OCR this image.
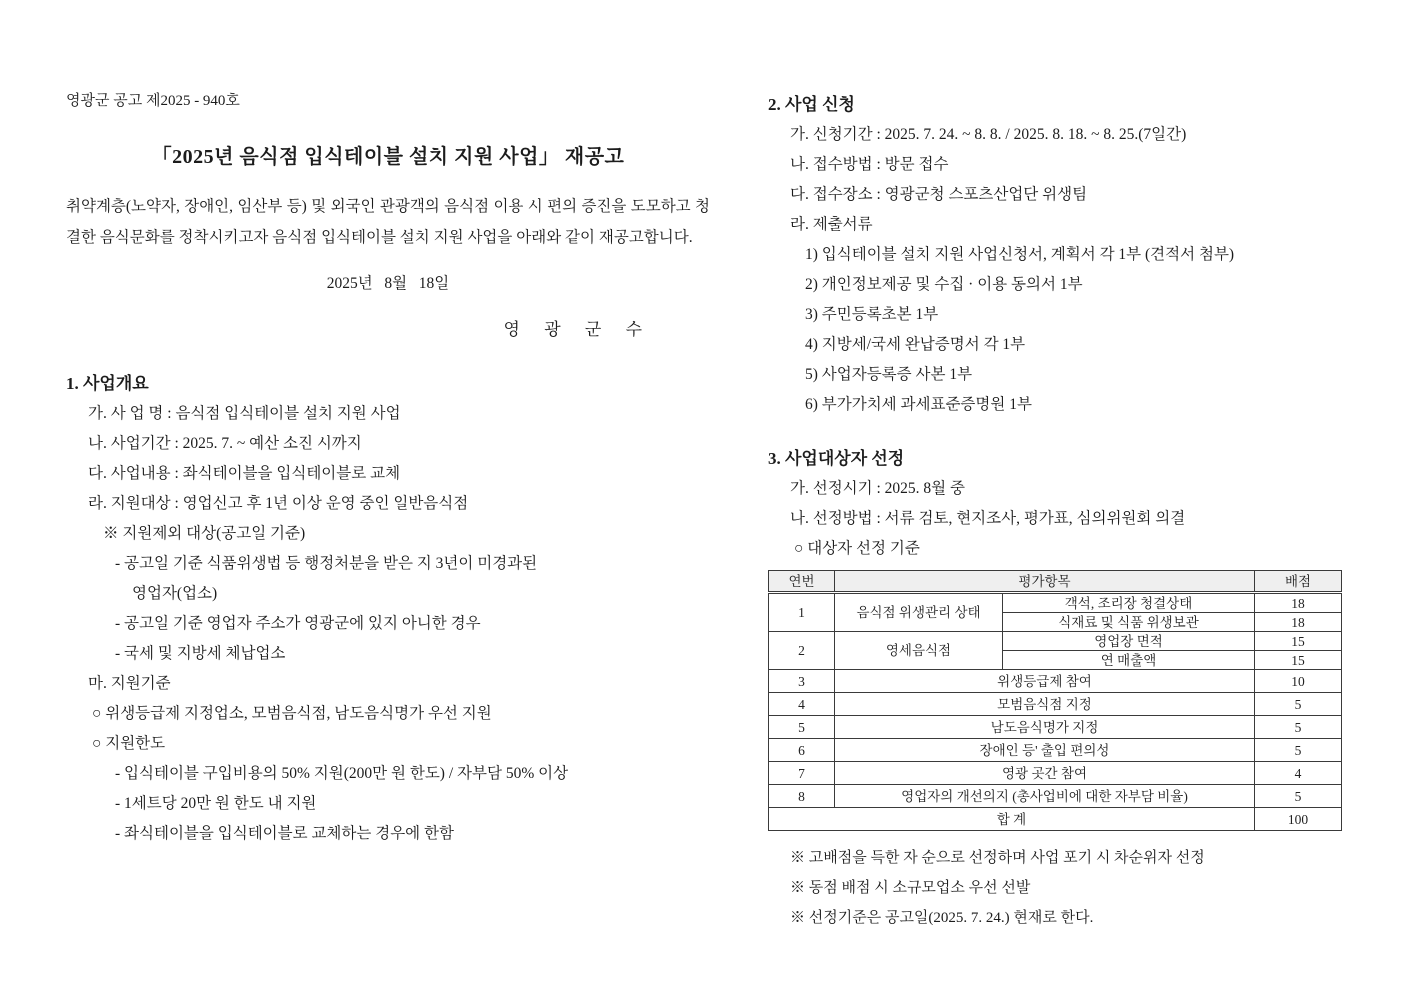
영광군 공고 제2025 - 940호
「2025년 음식점 입식테이블 설치 지원 사업」 재공고

취약계층(노약자, 장애인, 임산부 등) 및 외국인 관광객의 음식점 이용 시 편의 증진을 도모하고 청결한 음식문화를 정착시키고자 음식점 입식테이블 설치 지원 사업을 아래와 같이 재공고합니다.

2025년   8월   18일
영 광 군 수
1. 사업개요
가. 사 업 명 : 음식점 입식테이블 설치 지원 사업
나. 사업기간 : 2025. 7. ~ 예산 소진 시까지
다. 사업내용 : 좌식테이블을 입식테이블로 교체
라. 지원대상 : 영업신고 후 1년 이상 운영 중인 일반음식점
※ 지원제외 대상(공고일 기준)
- 공고일 기준 식품위생법 등 행정처분을 받은 지 3년이 미경과된
영업자(업소)
- 공고일 기준 영업자 주소가 영광군에 있지 아니한 경우
- 국세 및 지방세 체납업소
마. 지원기준
○ 위생등급제 지정업소, 모범음식점, 남도음식명가 우선 지원
○ 지원한도
- 입식테이블 구입비용의 50% 지원(200만 원 한도) / 자부담 50% 이상
- 1세트당 20만 원 한도 내 지원
- 좌식테이블을 입식테이블로 교체하는 경우에 한함
2. 사업 신청
가. 신청기간 : 2025. 7. 24. ~ 8. 8. / 2025. 8. 18. ~ 8. 25.(7일간)
나. 접수방법 : 방문 접수
다. 접수장소 : 영광군청 스포츠산업단 위생팀
라. 제출서류
1) 입식테이블 설치 지원 사업신청서, 계획서 각 1부 (견적서 첨부)
2) 개인정보제공 및 수집 · 이용 동의서 1부
3) 주민등록초본 1부
4) 지방세/국세 완납증명서 각 1부
5) 사업자등록증 사본 1부
6) 부가가치세 과세표준증명원 1부
3. 사업대상자 선정
가. 선정시기 : 2025. 8월 중
나. 선정방법 : 서류 검토, 현지조사, 평가표, 심의위원회 의결
○ 대상자 선정 기준
연번	평가항목		배점
1	음식점 위생관리 상태	객석, 조리장 청결상태	18
		식재료 및 식품 위생보관	18
2	영세음식점	영업장 면적	15
		연 매출액	15
3	위생등급제 참여		10
4	모범음식점 지정		5
5	남도음식명가 지정		5
6	장애인 등' 출입 편의성		5
7	영광 곳간 참여		4
8	영업자의 개선의지 (총사업비에 대한 자부담 비율)		5
합 계			100
※ 고배점을 득한 자 순으로 선정하며 사업 포기 시 차순위자 선정
※ 동점 배점 시 소규모업소 우선 선발
※ 선정기준은 공고일(2025. 7. 24.) 현재로 한다.
